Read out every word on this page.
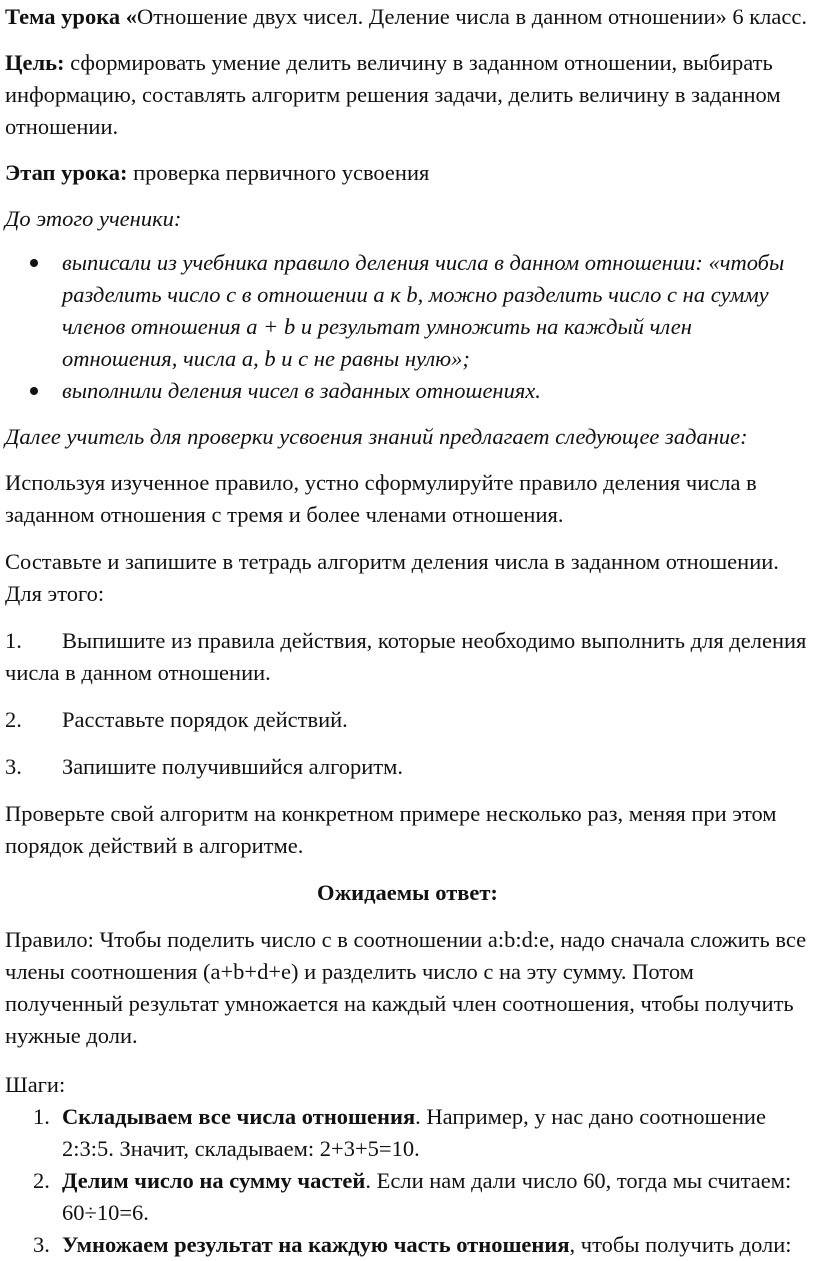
Тема урока «Отношение двух чисел. Деление числа в данном отношении» 6 класс.

Цель: сформировать умение делить величину в заданном отношении, выбирать информацию, составлять алгоритм решения задачи, делить величину в заданном отношении.

Этап урока: проверка первичного усвоения

До этого ученики:

выписали из учебника правило деления числа в данном отношении: «чтобы разделить число с в отношении а к b, можно разделить число с на сумму членов отношения а + b и результат умножить на каждый член отношения, числа а, b и с не равны нулю»;
выполнили деления чисел в заданных отношениях.

Далее учитель для проверки усвоения знаний предлагает следующее задание:

Используя изученное правило, устно сформулируйте правило деления числа в заданном отношения с тремя и более членами отношения.

Составьте и запишите в тетрадь алгоритм деления числа в заданном отношении. Для этого:

1. Выпишите из правила действия, которые необходимо выполнить для деления числа в данном отношении.
2. Расставьте порядок действий.
3. Запишите получившийся алгоритм.

Проверьте свой алгоритм на конкретном примере несколько раз, меняя при этом порядок действий в алгоритме.

Ожидаемы ответ:

Правило: Чтобы поделить число c в соотношении a:b:d:e, надо сначала сложить все члены соотношения (a+b+d+e) и разделить число c на эту сумму. Потом полученный результат умножается на каждый член соотношения, чтобы получить нужные доли.

Шаги:

1. Складываем все числа отношения. Например, у нас дано соотношение 2:3:5. Значит, складываем: 2+3+5=10.
2. Делим число на сумму частей. Если нам дали число 60, тогда мы считаем: 60÷10=6.
3. Умножаем результат на каждую часть отношения, чтобы получить доли:
